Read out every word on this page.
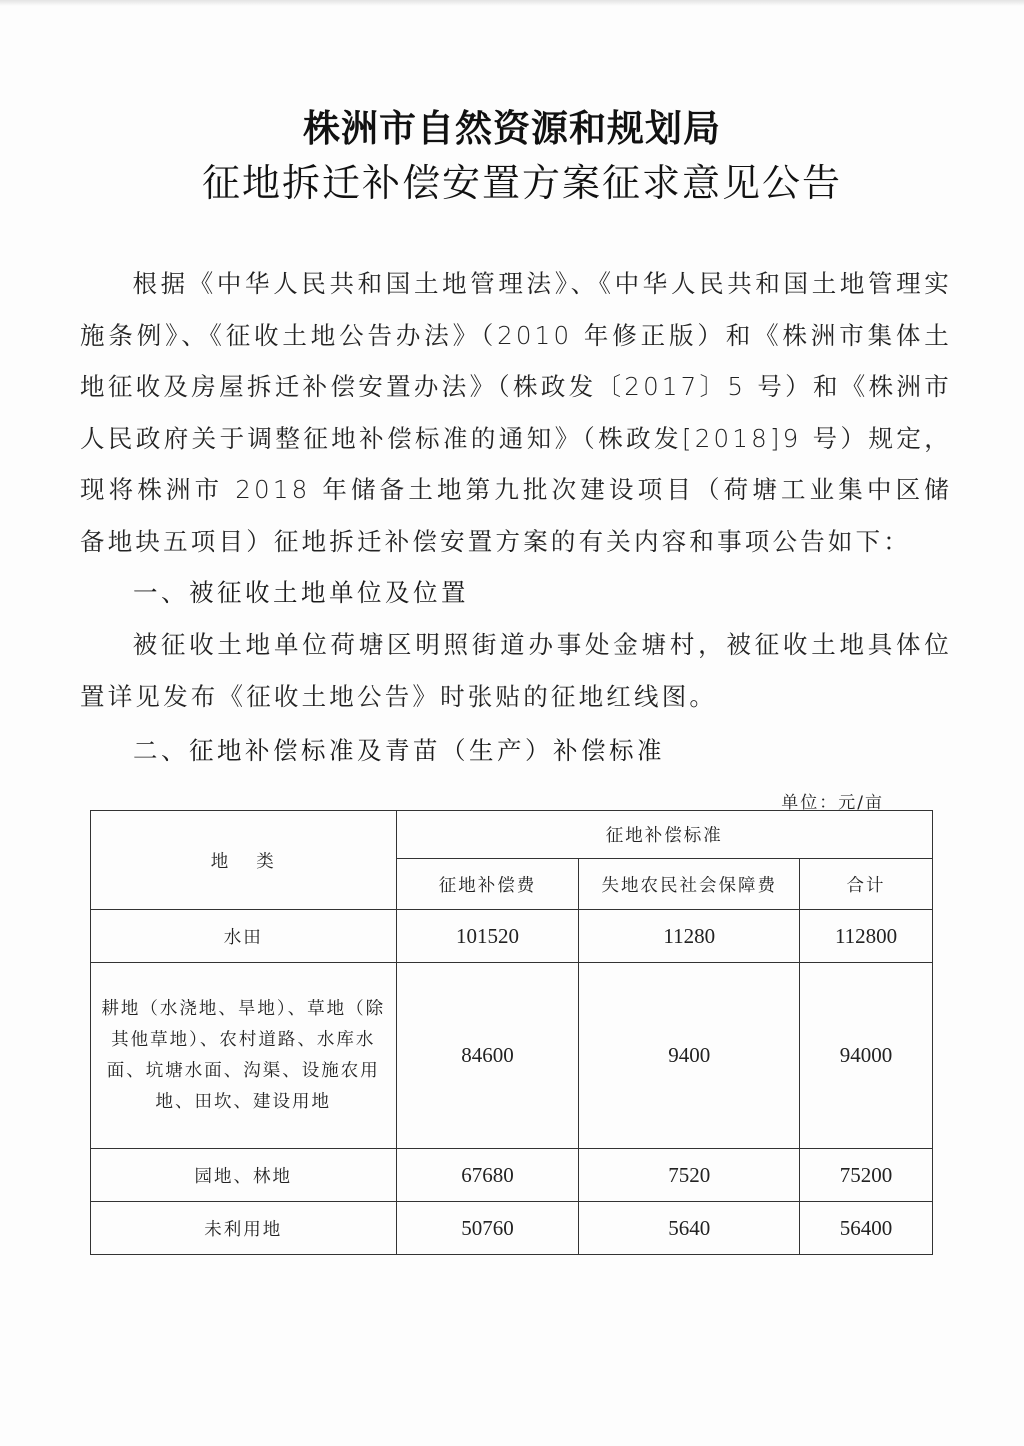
株洲市自然资源和规划局
征地拆迁补偿安置方案征求意见公告
根据《中华人民共和国土地管理法》、《中华人民共和国土地管理实施条例》、《征收土地公告办法》（2010 年修正版）和《株洲市集体土地征收及房屋拆迁补偿安置办法》（株政发〔2017〕5 号）和《株洲市人民政府关于调整征地补偿标准的通知》（株政发[2018]9 号）规定，现将株洲市 2018 年储备土地第九批次建设项目（荷塘工业集中区储备地块五项目）征地拆迁补偿安置方案的有关内容和事项公告如下：
一、被征收土地单位及位置
被征收土地单位荷塘区明照街道办事处金塘村，被征收土地具体位置详见发布《征收土地公告》时张贴的征地红线图。
二、征地补偿标准及青苗（生产）补偿标准
单位：元/亩
地 类	征地补偿标准		
	征地补偿费	失地农民社会保障费	合计
水田	101520	11280	112800
耕地（水浇地、旱地）、草地（除其他草地）、农村道路、水库水面、坑塘水面、沟渠、设施农用地、田坎、建设用地	84600	9400	94000
园地、林地	67680	7520	75200
未利用地	50760	5640	56400
